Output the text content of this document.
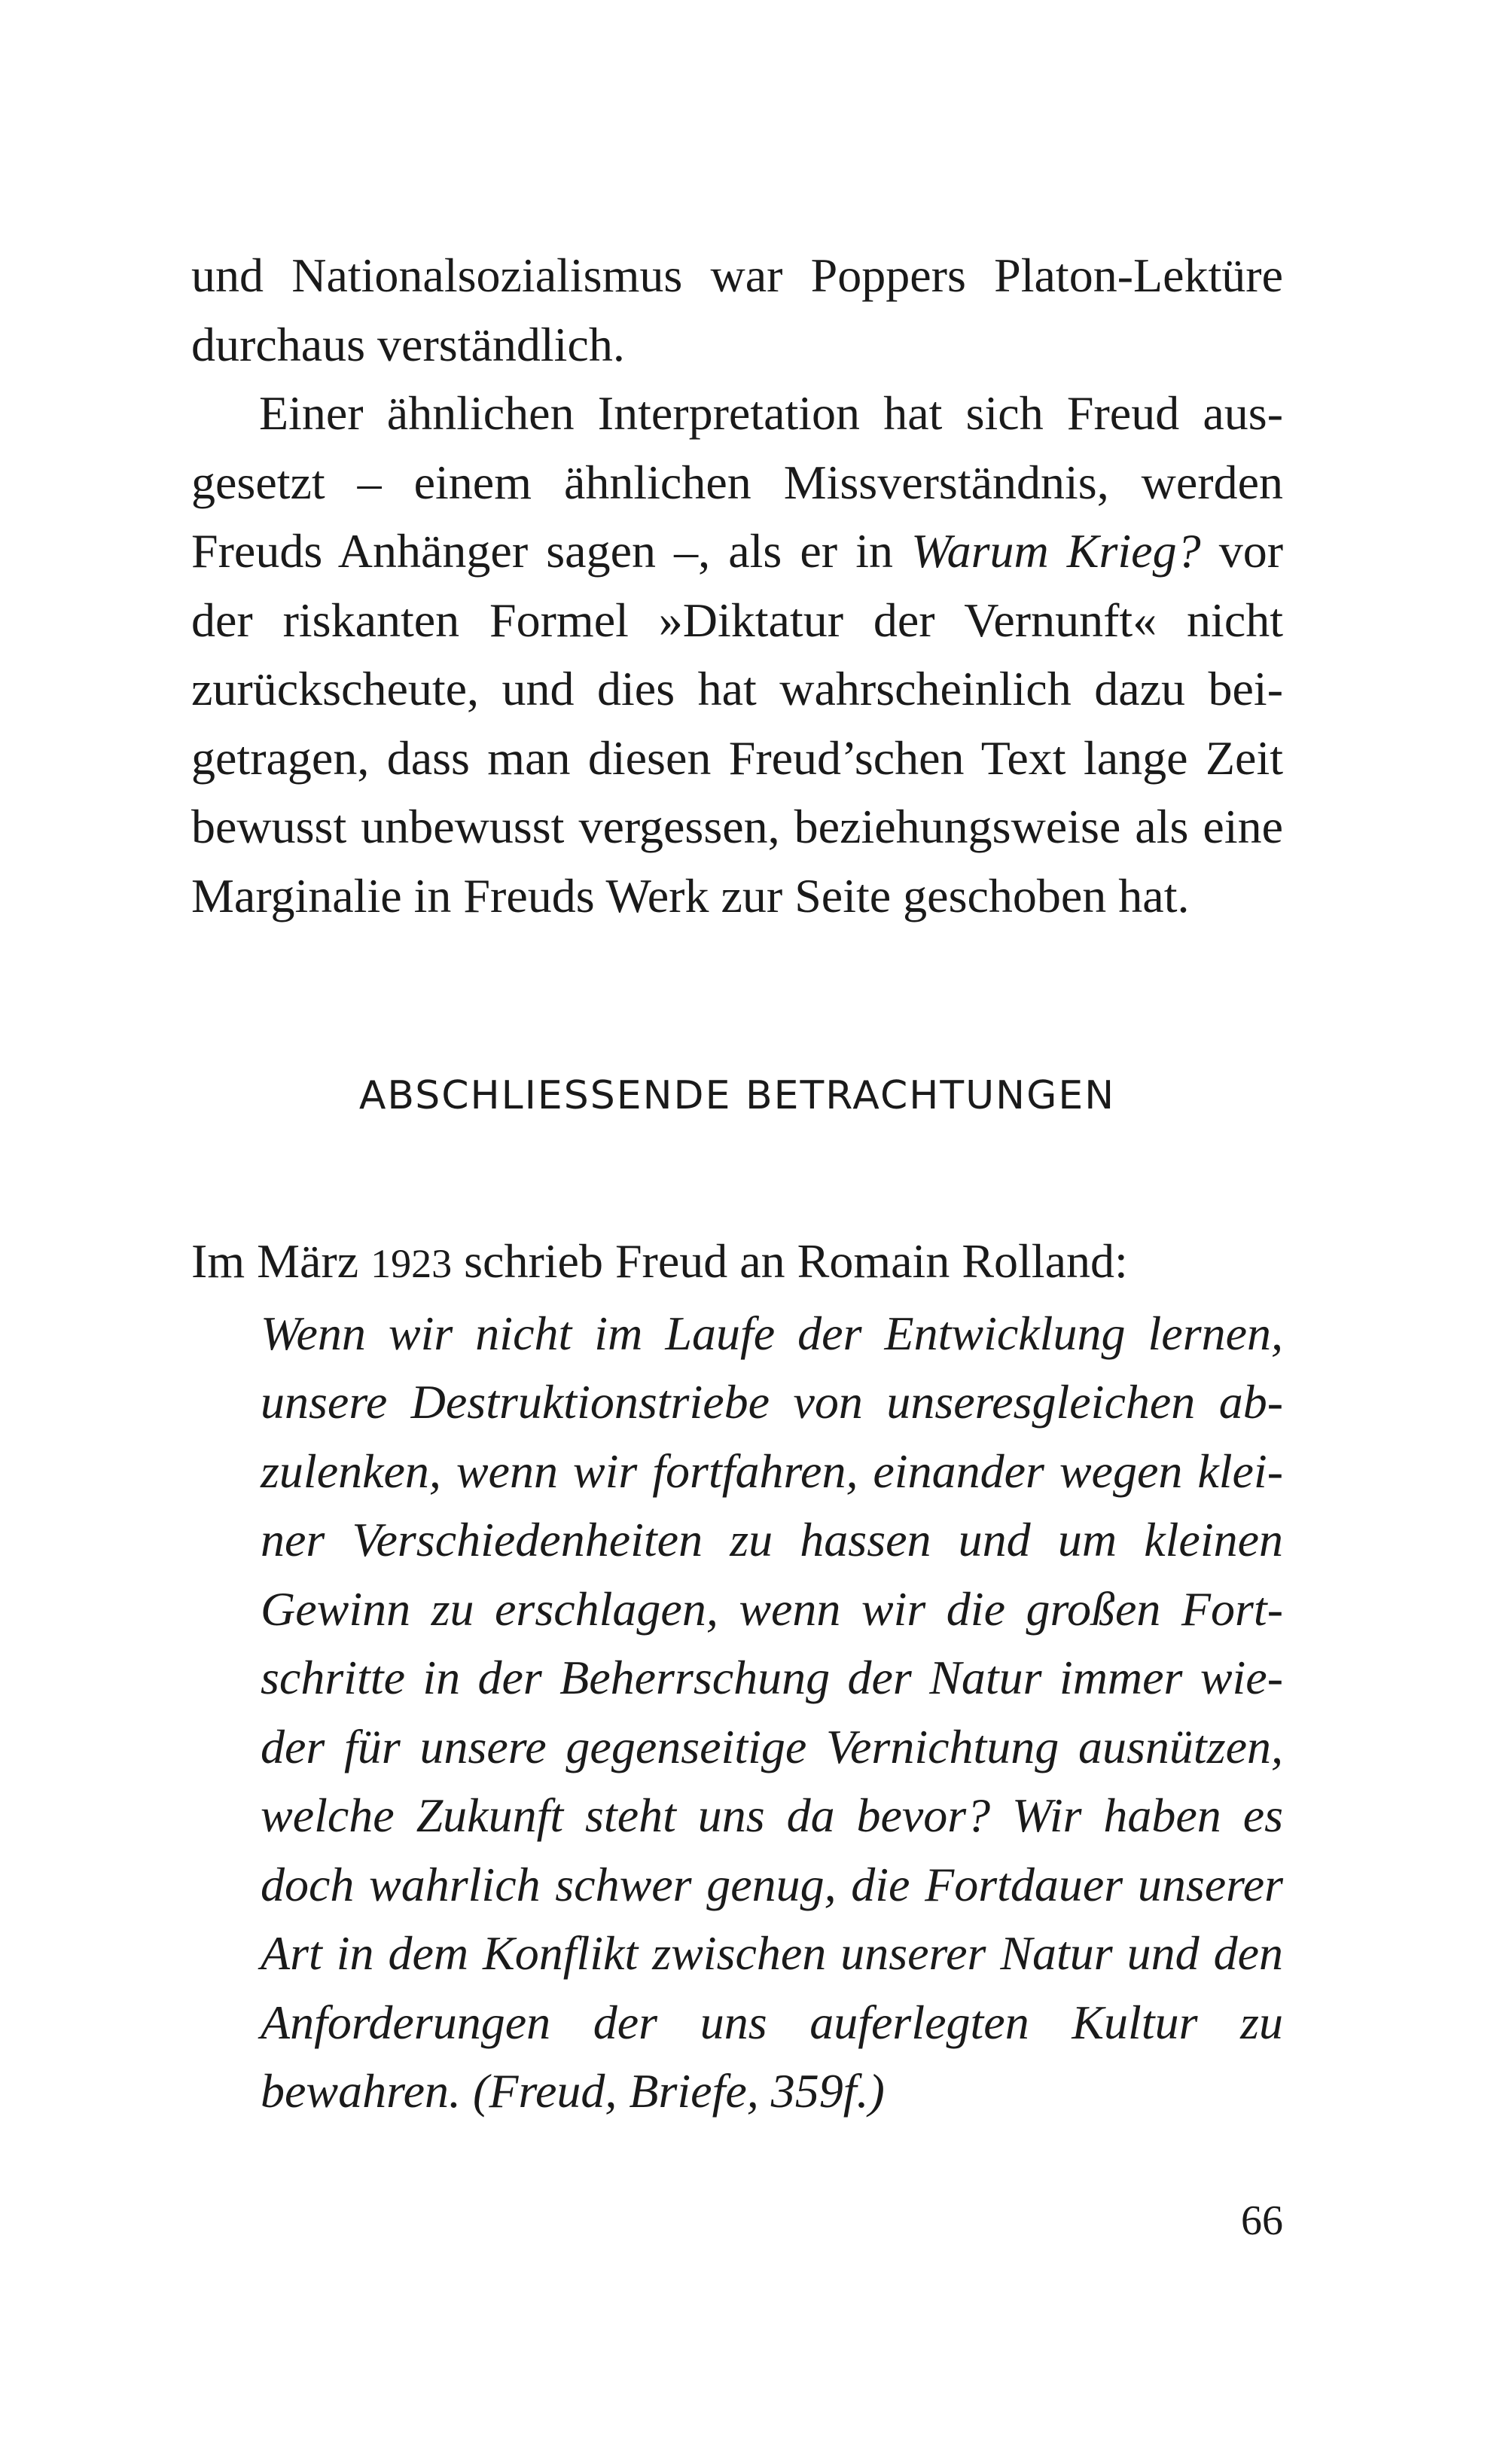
und Nationalsozialismus war Poppers Platon-Lektüre durchaus verständlich.

Einer ähnlichen Interpretation hat sich Freud ausgesetzt – einem ähnlichen Missverständnis, werden Freuds Anhänger sagen –, als er in Warum Krieg? vor der riskanten Formel »Diktatur der Vernunft« nicht zurückscheute, und dies hat wahrscheinlich dazu beigetragen, dass man diesen Freud’schen Text lange Zeit bewusst unbewusst vergessen, beziehungsweise als eine Marginalie in Freuds Werk zur Seite geschoben hat.

ABSCHLIESSENDE BETRACHTUNGEN

Im März 1923 schrieb Freud an Romain Rolland:

Wenn wir nicht im Laufe der Entwicklung lernen, unsere Destruktionstriebe von unseresgleichen abzulenken, wenn wir fortfahren, einander wegen kleiner Verschiedenheiten zu hassen und um kleinen Gewinn zu erschlagen, wenn wir die großen Fortschritte in der Beherrschung der Natur immer wieder für unsere gegenseitige Vernichtung ausnützen, welche Zukunft steht uns da bevor? Wir haben es doch wahrlich schwer genug, die Fortdauer unserer Art in dem Konflikt zwischen unserer Natur und den Anforderungen der uns auferlegten Kultur zu bewahren. (Freud, Briefe, 359f.)

66
